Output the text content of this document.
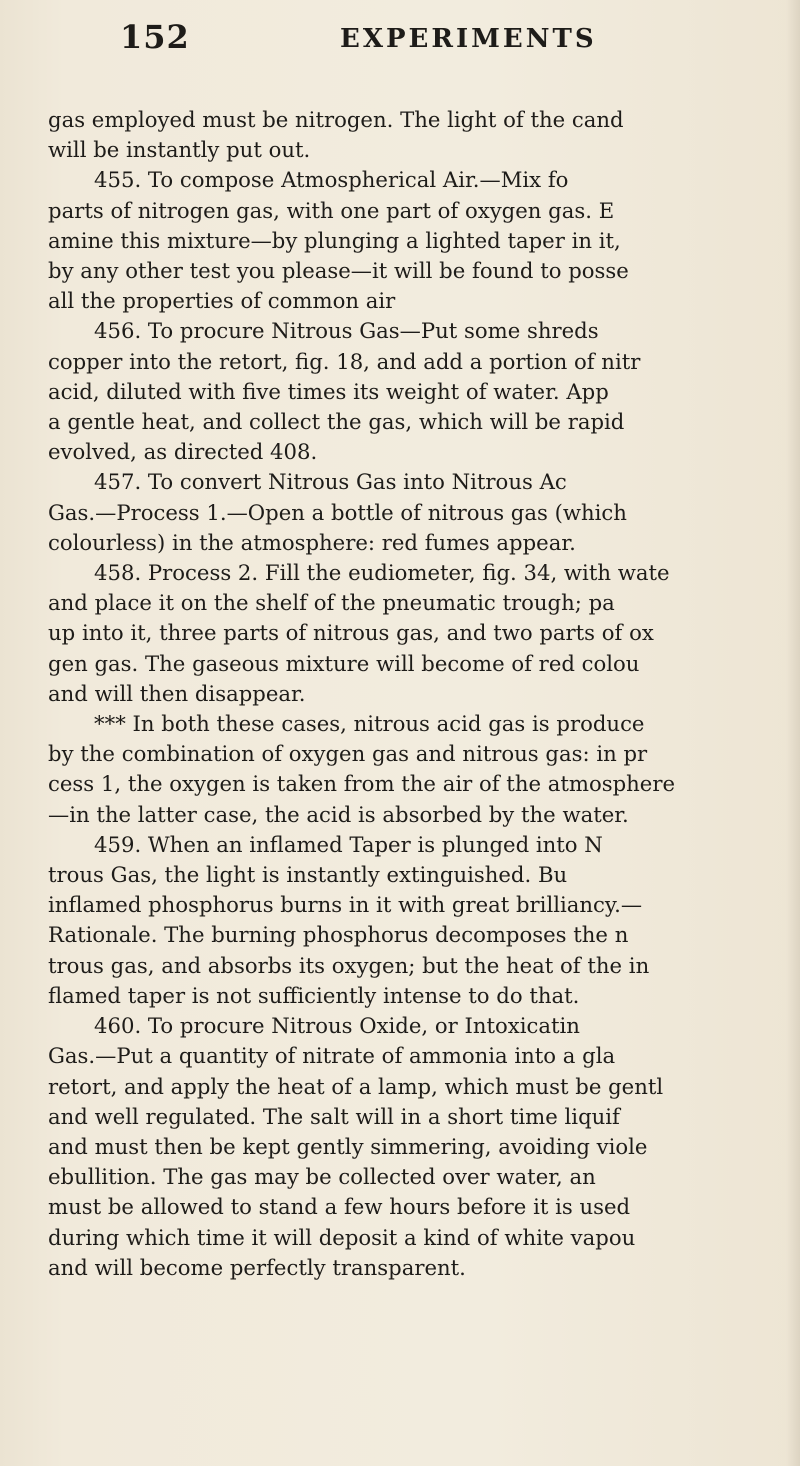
152	EXPERIMENTS
gas employed must be nitrogen. The light of the cand
will be instantly put out.
455. To compose Atmospherical Air.—Mix fo
parts of nitrogen gas, with one part of oxygen gas. E
amine this mixture—by plunging a lighted taper in it,
by any other test you please—it will be found to posse
all the properties of common air
456. To procure Nitrous Gas—Put some shreds
copper into the retort, fig. 18, and add a portion of nitr
acid, diluted with five times its weight of water. App
a gentle heat, and collect the gas, which will be rapid
evolved, as directed 408.
457. To convert Nitrous Gas into Nitrous Ac
Gas.—Process 1.—Open a bottle of nitrous gas (which
colourless) in the atmosphere: red fumes appear.
458. Process 2. Fill the eudiometer, fig. 34, with wate
and place it on the shelf of the pneumatic trough; pa
up into it, three parts of nitrous gas, and two parts of ox
gen gas. The gaseous mixture will become of red colou
and will then disappear.
*** In both these cases, nitrous acid gas is produce
by the combination of oxygen gas and nitrous gas: in pr
cess 1, the oxygen is taken from the air of the atmosphere
—in the latter case, the acid is absorbed by the water.
459. When an inflamed Taper is plunged into N
trous Gas, the light is instantly extinguished. Bu
inflamed phosphorus burns in it with great brilliancy.—
Rationale. The burning phosphorus decomposes the n
trous gas, and absorbs its oxygen; but the heat of the in
flamed taper is not sufficiently intense to do that.
460. To procure Nitrous Oxide, or Intoxicatin
Gas.—Put a quantity of nitrate of ammonia into a gla
retort, and apply the heat of a lamp, which must be gentl
and well regulated. The salt will in a short time liquif
and must then be kept gently simmering, avoiding viole
ebullition. The gas may be collected over water, an
must be allowed to stand a few hours before it is used
during which time it will deposit a kind of white vapou
and will become perfectly transparent.
